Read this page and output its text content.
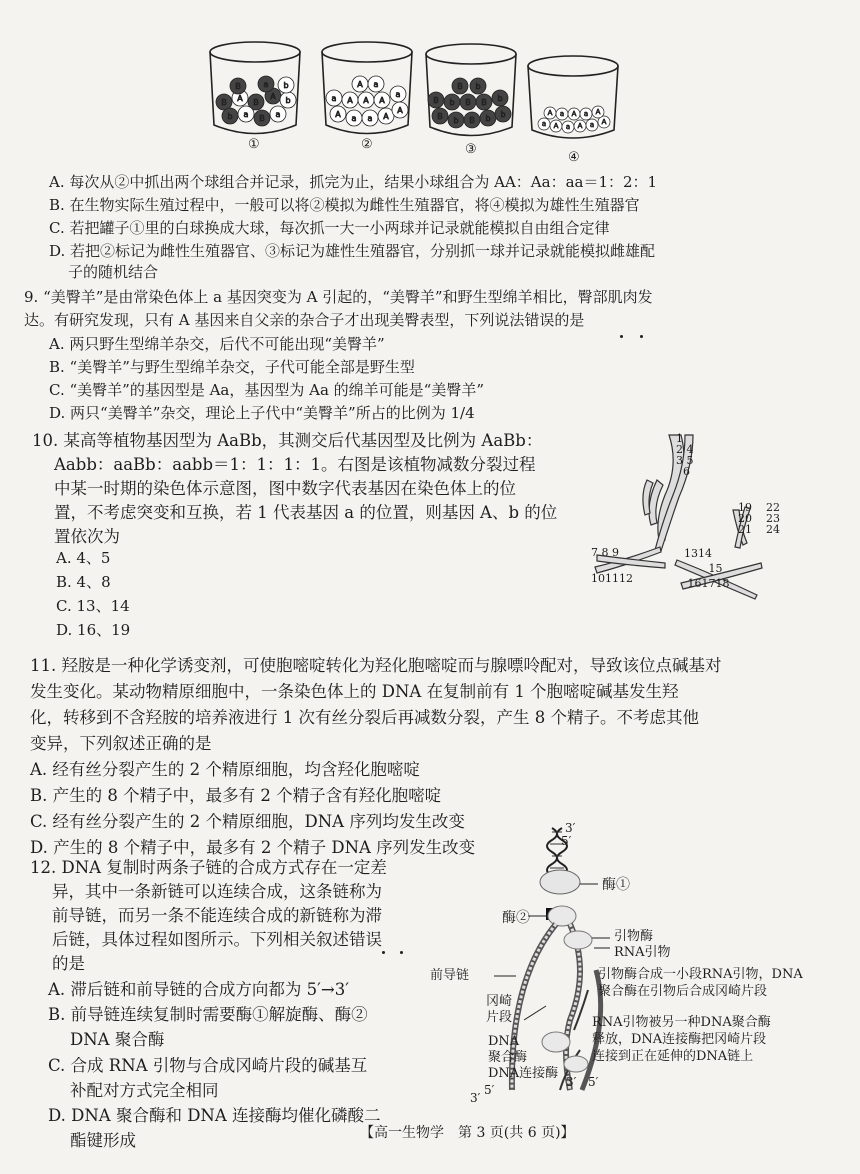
B A B
A b
b a B a
B	a b
A a a A
A
a A A A
a
A a
B b B b b
B b B B b
B b
a A a A a A
A a A a A
①	②	③
④
A. 每次从②中抓出两个球组合并记录，抓完为止，结果小球组合为 AA：Aa：aa＝1：2：1
B. 在生物实际生殖过程中，一般可以将②模拟为雌性生殖器官，将④模拟为雄性生殖器官
C. 若把罐子①里的白球换成大球，每次抓一大一小两球并记录就能模拟自由组合定律
D. 若把②标记为雌性生殖器官、③标记为雄性生殖器官，分别抓一球并记录就能模拟雌雄配
子的随机结合
9. “美臀羊”是由常染色体上 a 基因突变为 A 引起的，“美臀羊”和野生型绵羊相比，臀部肌肉发
达。有研究发现，只有 A 基因来自父亲的杂合子才出现美臀表型，下列说法错误的是
A. 两只野生型绵羊杂交，后代不可能出现“美臀羊”
B. “美臀羊”与野生型绵羊杂交，子代可能全部是野生型
C. “美臀羊”的基因型是 Aa，基因型为 Aa 的绵羊可能是“美臀羊”
D. 两只“美臀羊”杂交，理论上子代中“美臀羊”所占的比例为 1/4
10. 某高等植物基因型为 AaBb，其测交后代基因型及比例为 AaBb：
Aabb：aaBb：aabb＝1：1：1：1。右图是该植物减数分裂过程
中某一时期的染色体示意图，图中数字代表基因在染色体上的位
置，不考虑突变和互换，若 1 代表基因 a 的位置，则基因 A、b 的位
置依次为
A. 4、5
B. 4、8
C. 13、14
D. 16、19
1
2 4
3 5
6
19 22
20 23
21 24
7 8 9
101112
1314
15
161718
11. 羟胺是一种化学诱变剂，可使胞嘧啶转化为羟化胞嘧啶而与腺嘌呤配对，导致该位点碱基对
发生变化。某动物精原细胞中，一条染色体上的 DNA 在复制前有 1 个胞嘧啶碱基发生羟
化，转移到不含羟胺的培养液进行 1 次有丝分裂后再减数分裂，产生 8 个精子。不考虑其他
变异，下列叙述正确的是
A. 经有丝分裂产生的 2 个精原细胞，均含羟化胞嘧啶
B. 产生的 8 个精子中，最多有 2 个精子含有羟化胞嘧啶
C. 经有丝分裂产生的 2 个精原细胞，DNA 序列均发生改变
D. 产生的 8 个精子中，最多有 2 个精子 DNA 序列发生改变
12. DNA 复制时两条子链的合成方式存在一定差
异，其中一条新链可以连续合成，这条链称为
前导链，而另一条不能连续合成的新链称为滞
后链，具体过程如图所示。下列相关叙述错误
的是
A. 滞后链和前导链的合成方向都为 5′→3′
B. 前导链连续复制时需要酶①解旋酶、酶②
DNA 聚合酶
C. 合成 RNA 引物与合成冈崎片段的碱基互
补配对方式完全相同
D. DNA 聚合酶和 DNA 连接酶均催化磷酸二
酯键形成
3′
5′
酶①
酶②
引物酶
RNA引物
引物酶合成一小段RNA引物，DNA
聚合酶在引物后合成冈崎片段
前导链
冈崎
片段
DNA
聚合酶
DNA连接酶
RNA引物被另一种DNA聚合酶
释放，DNA连接酶把冈崎片段
连接到正在延伸的DNA链上
3′
5′
3′ 5′
【高一生物学　第 3 页(共 6 页)】
